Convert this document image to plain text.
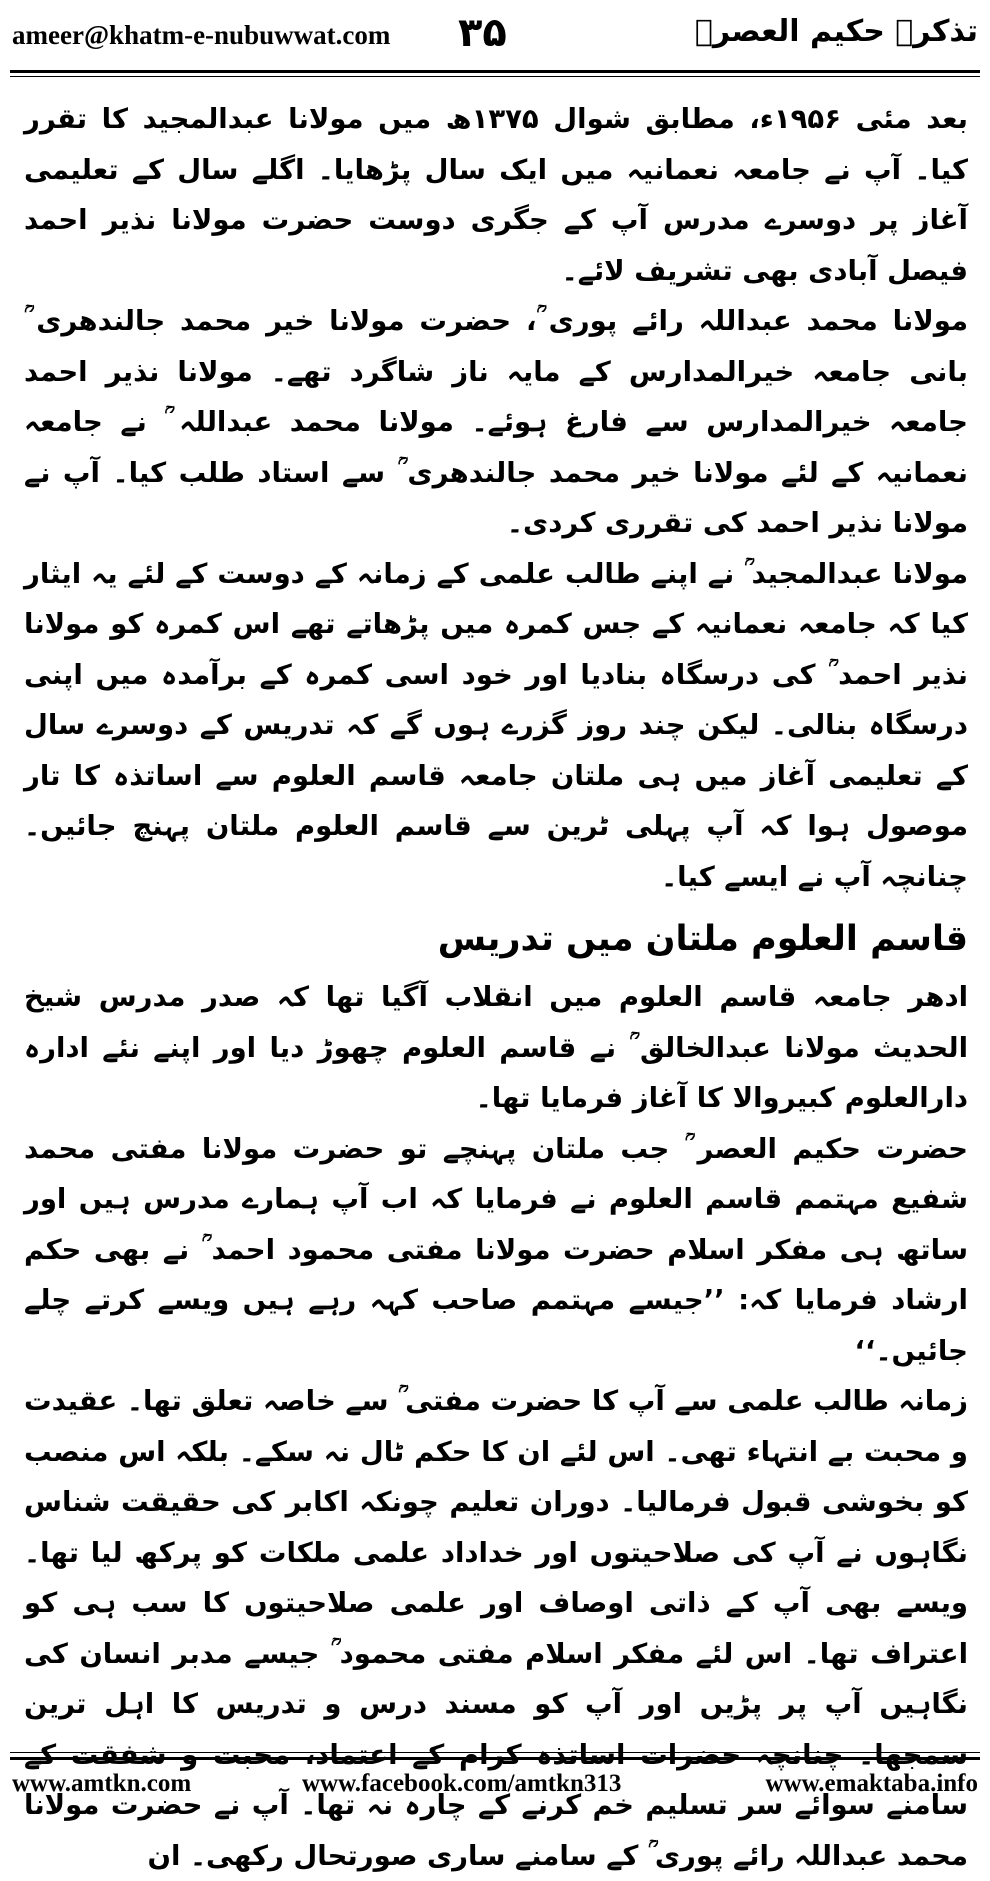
ameer@khatm-e-nubuwwat.com ۳۵	تذکرہ حکیم العصرؒ

بعد مئی ۱۹۵۶ء، مطابق شوال ۱۳۷۵ھ میں مولانا عبدالمجید کا تقرر کیا۔ آپ نے جامعہ نعمانیہ میں ایک سال پڑھایا۔ اگلے سال کے تعلیمی آغاز پر دوسرے مدرس آپ کے جگری دوست حضرت مولانا نذیر احمد فیصل آبادی بھی تشریف لائے۔

مولانا محمد عبداللہ رائے پوری ؒ، حضرت مولانا خیر محمد جالندھری ؒ بانی جامعہ خیرالمدارس کے مایہ ناز شاگرد تھے۔ مولانا نذیر احمد جامعہ خیرالمدارس سے فارغ ہوئے۔ مولانا محمد عبداللہ ؒ نے جامعہ نعمانیہ کے لئے مولانا خیر محمد جالندھری ؒ سے استاد طلب کیا۔ آپ نے مولانا نذیر احمد کی تقرری کردی۔

مولانا عبدالمجید ؒ نے اپنے طالب علمی کے زمانہ کے دوست کے لئے یہ ایثار کیا کہ جامعہ نعمانیہ کے جس کمرہ میں پڑھاتے تھے اس کمرہ کو مولانا نذیر احمد ؒ کی درسگاہ بنادیا اور خود اسی کمرہ کے برآمدہ میں اپنی درسگاہ بنالی۔ لیکن چند روز گزرے ہوں گے کہ تدریس کے دوسرے سال کے تعلیمی آغاز میں ہی ملتان جامعہ قاسم العلوم سے اساتذہ کا تار موصول ہوا کہ آپ پہلی ٹرین سے قاسم العلوم ملتان پہنچ جائیں۔ چنانچہ آپ نے ایسے کیا۔

قاسم العلوم ملتان میں تدریس

ادھر جامعہ قاسم العلوم میں انقلاب آگیا تھا کہ صدر مدرس شیخ الحدیث مولانا عبدالخالق ؒ نے قاسم العلوم چھوڑ دیا اور اپنے نئے ادارہ دارالعلوم کبیروالا کا آغاز فرمایا تھا۔

حضرت حکیم العصر ؒ جب ملتان پہنچے تو حضرت مولانا مفتی محمد شفیع مہتمم قاسم العلوم نے فرمایا کہ اب آپ ہمارے مدرس ہیں اور ساتھ ہی مفکر اسلام حضرت مولانا مفتی محمود احمد ؒ نے بھی حکم ارشاد فرمایا کہ: ’’جیسے مہتمم صاحب کہہ رہے ہیں ویسے کرتے چلے جائیں۔‘‘

زمانہ طالب علمی سے آپ کا حضرت مفتی ؒ سے خاصہ تعلق تھا۔ عقیدت و محبت بے انتہاء تھی۔ اس لئے ان کا حکم ٹال نہ سکے۔ بلکہ اس منصب کو بخوشی قبول فرمالیا۔ دوران تعلیم چونکہ اکابر کی حقیقت شناس نگاہوں نے آپ کی صلاحیتوں اور خداداد علمی ملکات کو پرکھ لیا تھا۔ ویسے بھی آپ کے ذاتی اوصاف اور علمی صلاحیتوں کا سب ہی کو اعتراف تھا۔ اس لئے مفکر اسلام مفتی محمود ؒ جیسے مدبر انسان کی نگاہیں آپ پر پڑیں اور آپ کو مسند درس و تدریس کا اہل ترین سمجھا۔ چنانچہ حضرات اساتذہ کرام کے اعتماد، محبت و شفقت کے سامنے سوائے سر تسلیم خم کرنے کے چارہ نہ تھا۔ آپ نے حضرت مولانا محمد عبداللہ رائے پوری ؒ کے سامنے ساری صورتحال رکھی۔ ان

www.amtkn.com	www.facebook.com/amtkn313	www.emaktaba.info
